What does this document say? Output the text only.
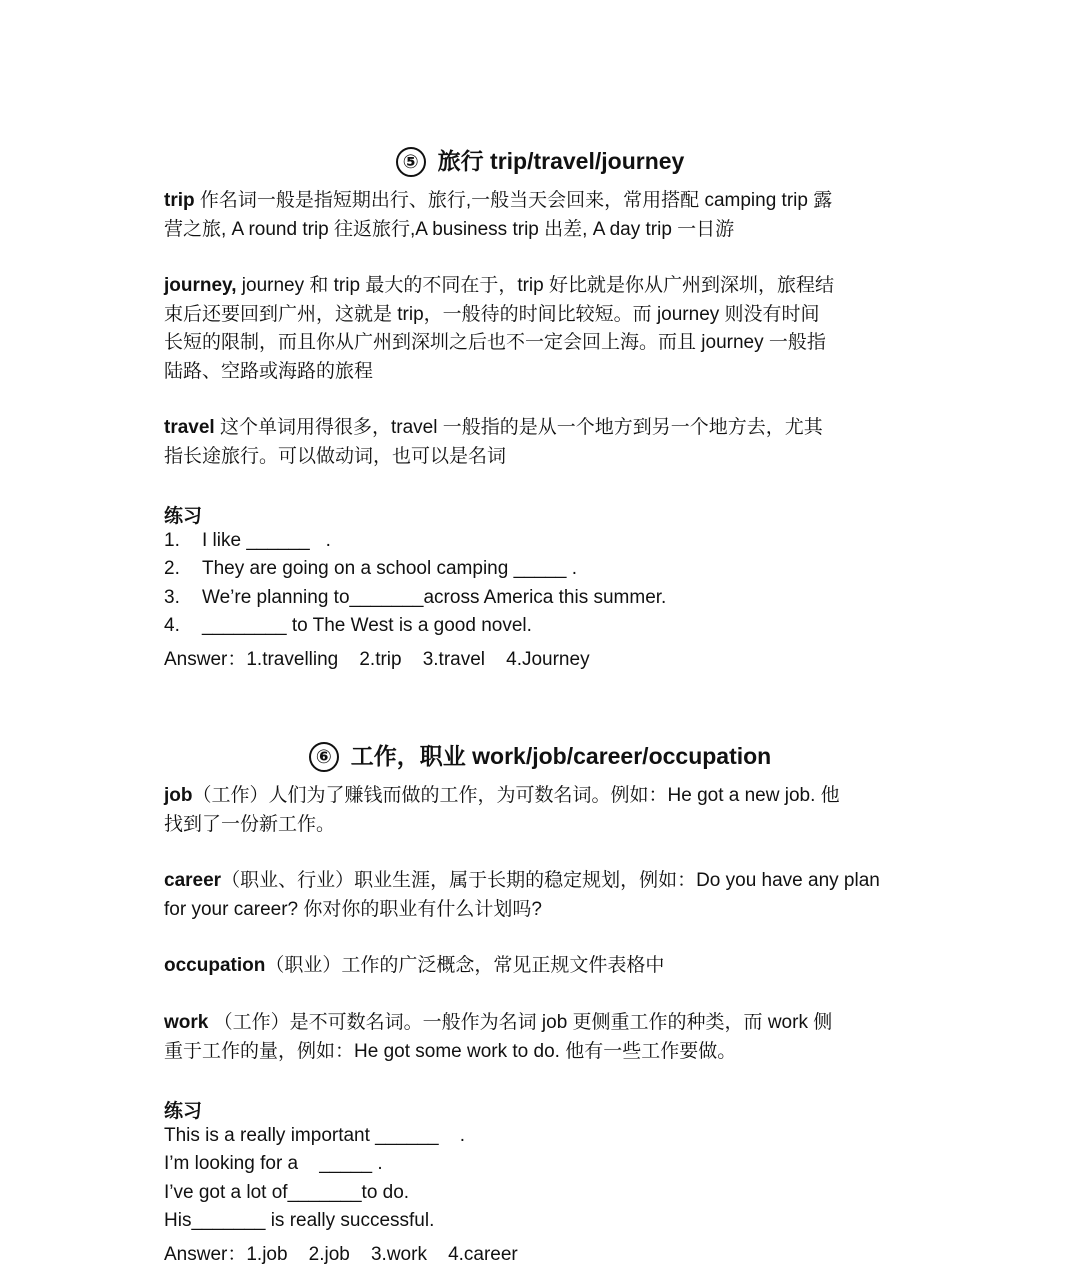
⑤ 旅行 trip/travel/journey
trip 作名词一般是指短期出行、旅行,一般当天会回来，常用搭配 camping trip 露
营之旅, A round trip 往返旅行,A business trip 出差, A day trip 一日游
journey, journey 和 trip 最大的不同在于，trip 好比就是你从广州到深圳，旅程结
束后还要回到广州，这就是 trip，一般待的时间比较短。而 journey 则没有时间
长短的限制，而且你从广州到深圳之后也不一定会回上海。而且 journey 一般指
陆路、空路或海路的旅程
travel 这个单词用得很多，travel 一般指的是从一个地方到另一个地方去，尤其
指长途旅行。可以做动词，也可以是名词
练习
1. I like ______   .
2. They are going on a school camping _____ .
3. We’re planning to_______across America this summer.
4. ________ to The West is a good novel.
Answer：1.travelling    2.trip    3.travel    4.Journey
⑥ 工作，职业 work/job/career/occupation
job（工作）人们为了赚钱而做的工作，为可数名词。例如：He got a new job. 他
找到了一份新工作。
career（职业、行业）职业生涯，属于长期的稳定规划，例如：Do you have any plan
for your career? 你对你的职业有什么计划吗?
occupation（职业）工作的广泛概念，常见正规文件表格中
work （工作）是不可数名词。一般作为名词 job 更侧重工作的种类，而 work 侧
重于工作的量，例如：He got some work to do. 他有一些工作要做。
练习
This is a really important ______    .
I’m looking for a    _____ .
I’ve got a lot of_______to do.
His_______ is really successful.
Answer：1.job    2.job    3.work    4.career
